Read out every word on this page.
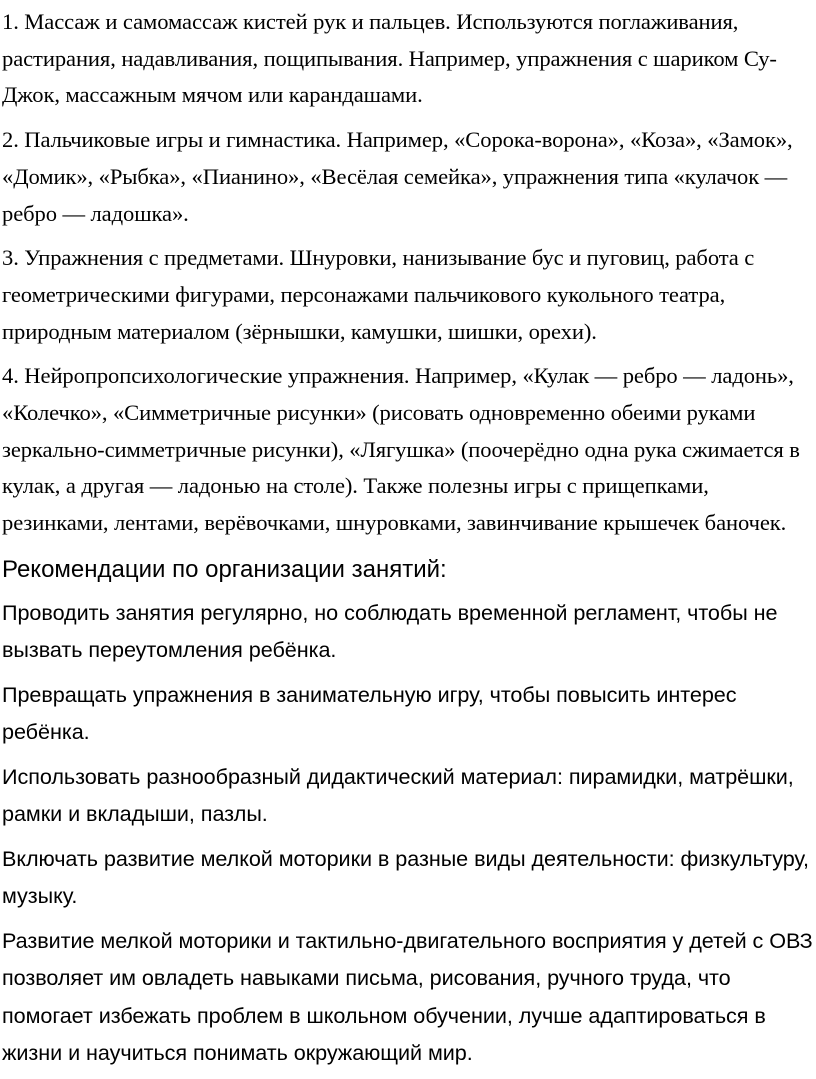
1. Массаж и самомассаж кистей рук и пальцев. Используются поглаживания, растирания, надавливания, пощипывания. Например, упражнения с шариком Су-Джок, массажным мячом или карандашами.

2. Пальчиковые игры и гимнастика. Например, «Сорока-ворона», «Коза», «Замок», «Домик», «Рыбка», «Пианино», «Весёлая семейка», упражнения типа «кулачок — ребро — ладошка».

3. Упражнения с предметами. Шнуровки, нанизывание бус и пуговиц, работа с геометрическими фигурами, персонажами пальчикового кукольного театра, природным материалом (зёрнышки, камушки, шишки, орехи).

4. Нейропропсихологические упражнения. Например, «Кулак — ребро — ладонь», «Колечко», «Симметричные рисунки» (рисовать одновременно обеими руками зеркально-симметричные рисунки), «Лягушка» (поочерёдно одна рука сжимается в кулак, а другая — ладонью на столе). Также полезны игры с прищепками, резинками, лентами, верёвочками, шнуровками, завинчивание крышечек баночек.

Рекомендации по организации занятий:

Проводить занятия регулярно, но соблюдать временной регламент, чтобы не вызвать переутомления ребёнка.

Превращать упражнения в занимательную игру, чтобы повысить интерес ребёнка.

Использовать разнообразный дидактический материал: пирамидки, матрёшки, рамки и вкладыши, пазлы.

Включать развитие мелкой моторики в разные виды деятельности: физкультуру, музыку.

Развитие мелкой моторики и тактильно-двигательного восприятия у детей с ОВЗ позволяет им овладеть навыками письма, рисования, ручного труда, что помогает избежать проблем в школьном обучении, лучше адаптироваться в жизни и научиться понимать окружающий мир.
